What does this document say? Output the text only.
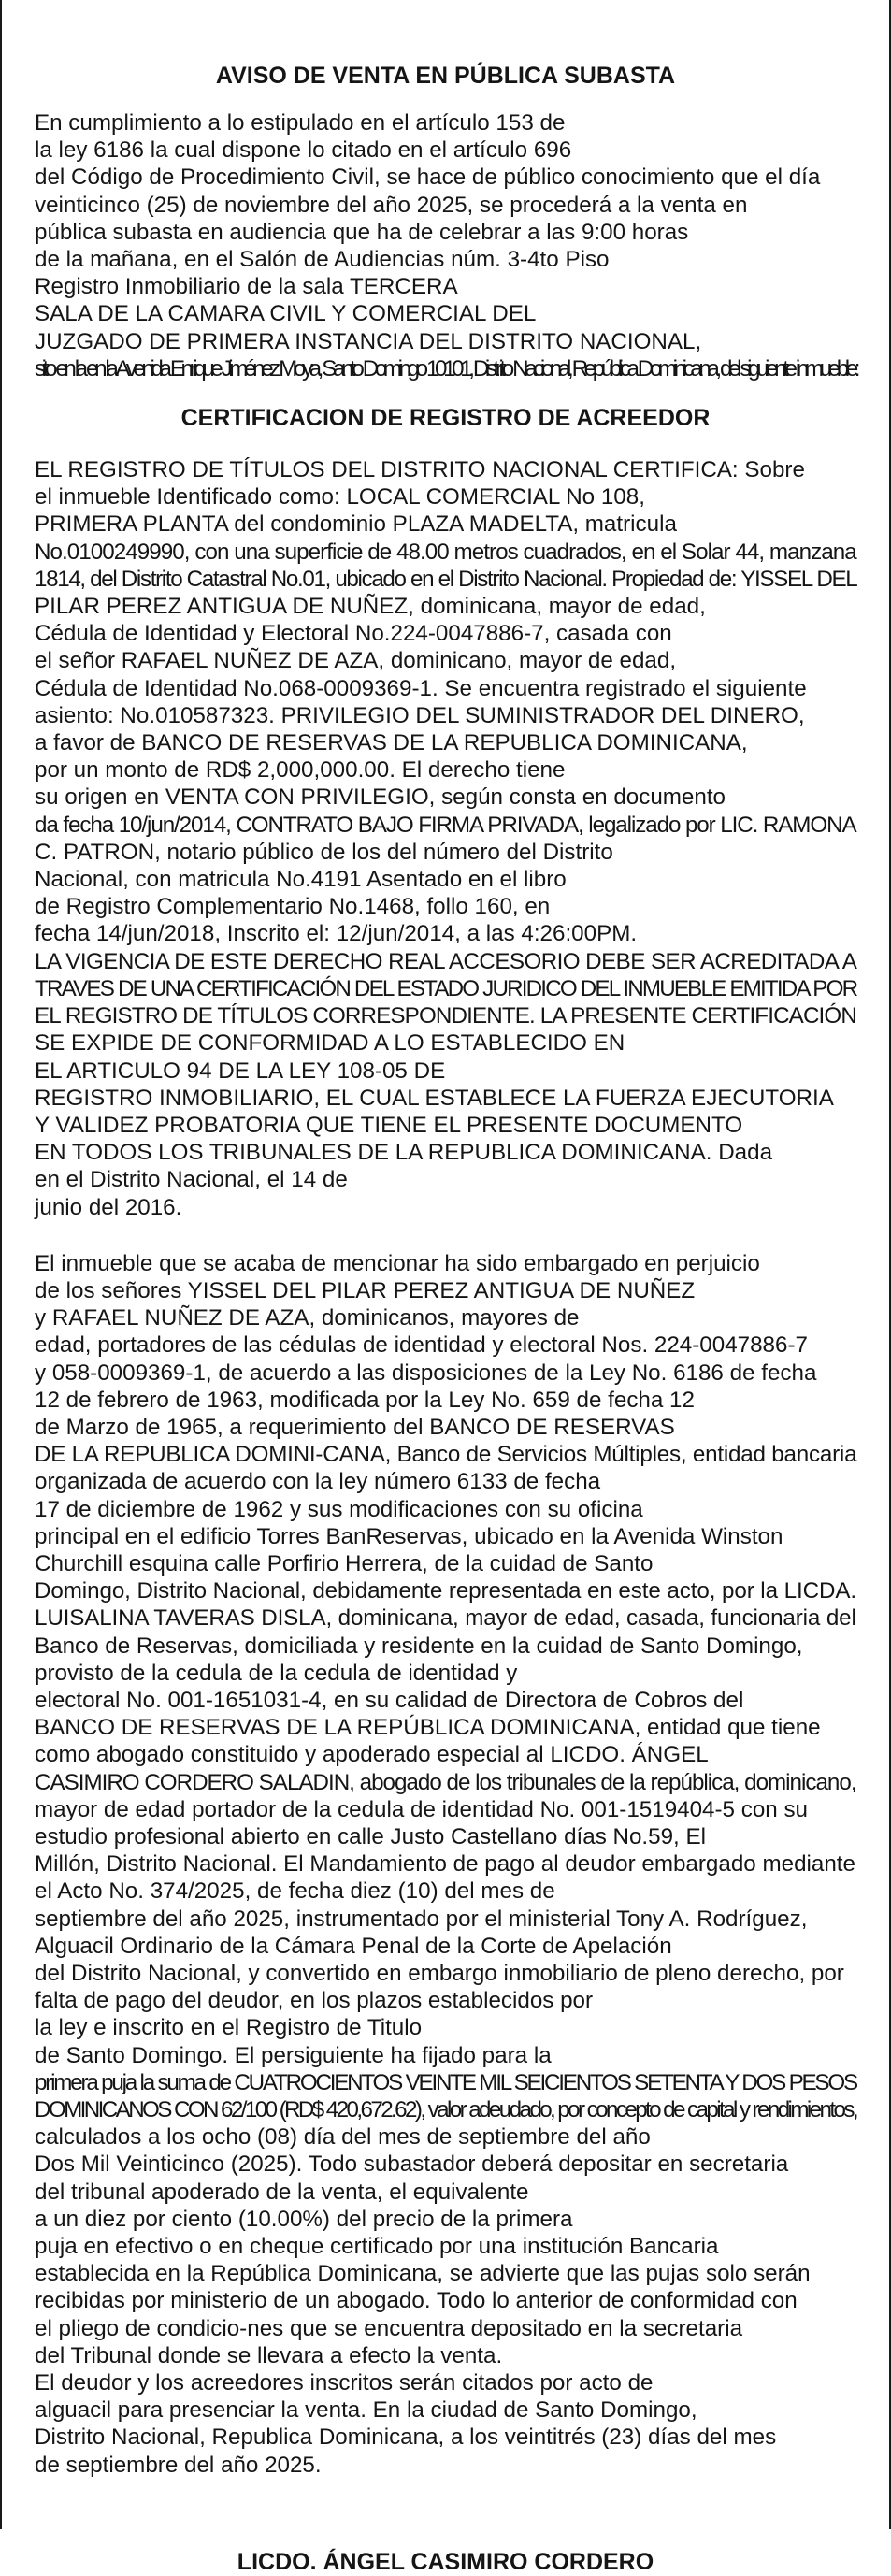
AVISO DE VENTA EN PÚBLICA SUBASTA

En cumplimiento a lo estipulado en el artículo 153 de
la ley 6186 la cual dispone lo citado en el artículo 696
del Código de Procedimiento Civil, se hace de público conocimiento que el día
veinticinco (25) de noviembre del año 2025, se procederá a la venta en
pública subasta en audiencia que ha de celebrar a las 9:00 horas
de la mañana, en el Salón de Audiencias núm. 3-4to Piso
Registro Inmobiliario de la sala TERCERA
SALA DE LA CAMARA CIVIL Y COMERCIAL DEL
JUZGADO DE PRIMERA INSTANCIA DEL DISTRITO NACIONAL,
sito en la en la Avenida Enrique Jiménez Moya, Santo Domingo 10101, Distrito Nacional, República Dominicana, del siguiente inmueble:

CERTIFICACION DE REGISTRO DE ACREEDOR

EL REGISTRO DE TÍTULOS DEL DISTRITO NACIONAL CERTIFICA: Sobre
el inmueble Identificado como: LOCAL COMERCIAL No 108,
PRIMERA PLANTA del condominio PLAZA MADELTA, matricula
No.0100249990, con una superficie de 48.00 metros cuadrados, en el Solar 44, manzana
1814, del Distrito Catastral No.01, ubicado en el Distrito Nacional. Propiedad de: YISSEL DEL
PILAR PEREZ ANTIGUA DE NUÑEZ, dominicana, mayor de edad,
Cédula de Identidad y Electoral No.224-0047886-7, casada con
el señor RAFAEL NUÑEZ DE AZA, dominicano, mayor de edad,
Cédula de Identidad No.068-0009369-1. Se encuentra registrado el siguiente
asiento: No.010587323. PRIVILEGIO DEL SUMINISTRADOR DEL DINERO,
a favor de BANCO DE RESERVAS DE LA REPUBLICA DOMINICANA,
por un monto de RD$ 2,000,000.00. El derecho tiene
su origen en VENTA CON PRIVILEGIO, según consta en documento
da fecha 10/jun/2014, CONTRATO BAJO FIRMA PRIVADA, legalizado por LIC. RAMONA
C. PATRON, notario público de los del número del Distrito
Nacional, con matricula No.4191 Asentado en el libro
de Registro Complementario No.1468, follo 160, en
fecha 14/jun/2018, Inscrito el: 12/jun/2014, a las 4:26:00PM.
LA VIGENCIA DE ESTE DERECHO REAL ACCESORIO DEBE SER ACREDITADA A
TRAVES DE UNA CERTIFICACIÓN DEL ESTADO JURIDICO DEL INMUEBLE EMITIDA POR
EL REGISTRO DE TÍTULOS CORRESPONDIENTE. LA PRESENTE CERTIFICACIÓN
SE EXPIDE DE CONFORMIDAD A LO ESTABLECIDO EN
EL ARTICULO 94 DE LA LEY 108-05 DE
REGISTRO INMOBILIARIO, EL CUAL ESTABLECE LA FUERZA EJECUTORIA
Y VALIDEZ PROBATORIA QUE TIENE EL PRESENTE DOCUMENTO
EN TODOS LOS TRIBUNALES DE LA REPUBLICA DOMINICANA. Dada
en el Distrito Nacional, el 14 de
junio del 2016.

El inmueble que se acaba de mencionar ha sido embargado en perjuicio
de los señores YISSEL DEL PILAR PEREZ ANTIGUA DE NUÑEZ
y RAFAEL NUÑEZ DE AZA, dominicanos, mayores de
edad, portadores de las cédulas de identidad y electoral Nos. 224-0047886-7
y 058-0009369-1, de acuerdo a las disposiciones de la Ley No. 6186 de fecha
12 de febrero de 1963, modificada por la Ley No. 659 de fecha 12
de Marzo de 1965, a requerimiento del BANCO DE RESERVAS
DE LA REPUBLICA DOMINI-CANA, Banco de Servicios Múltiples, entidad bancaria
organizada de acuerdo con la ley número 6133 de fecha
17 de diciembre de 1962 y sus modificaciones con su oficina
principal en el edificio Torres BanReservas, ubicado en la Avenida Winston
Churchill esquina calle Porfirio Herrera, de la cuidad de Santo
Domingo, Distrito Nacional, debidamente representada en este acto, por la LICDA.
LUISALINA TAVERAS DISLA, dominicana, mayor de edad, casada, funcionaria del
Banco de Reservas, domiciliada y residente en la cuidad de Santo Domingo,
provisto de la cedula de la cedula de identidad y
electoral No. 001-1651031-4, en su calidad de Directora de Cobros del
BANCO DE RESERVAS DE LA REPÚBLICA DOMINICANA, entidad que tiene
como abogado constituido y apoderado especial al LICDO. ÁNGEL
CASIMIRO CORDERO SALADIN, abogado de los tribunales de la república, dominicano,
mayor de edad portador de la cedula de identidad No. 001-1519404-5 con su
estudio profesional abierto en calle Justo Castellano días No.59, El
Millón, Distrito Nacional. El Mandamiento de pago al deudor embargado mediante
el Acto No. 374/2025, de fecha diez (10) del mes de
septiembre del año 2025, instrumentado por el ministerial Tony A. Rodríguez,
Alguacil Ordinario de la Cámara Penal de la Corte de Apelación
del Distrito Nacional, y convertido en embargo inmobiliario de pleno derecho, por
falta de pago del deudor, en los plazos establecidos por
la ley e inscrito en el Registro de Titulo
de Santo Domingo. El persiguiente ha fijado para la
primera puja la suma de CUATROCIENTOS VEINTE MIL SEICIENTOS SETENTA Y DOS PESOS
DOMINICANOS CON 62/100 (RD$ 420,672.62), valor adeudado, por concepto de capital y rendimientos,
calculados a los ocho (08) día del mes de septiembre del año
Dos Mil Veinticinco (2025). Todo subastador deberá depositar en secretaria
del tribunal apoderado de la venta, el equivalente
a un diez por ciento (10.00%) del precio de la primera
puja en efectivo o en cheque certificado por una institución Bancaria
establecida en la República Dominicana, se advierte que las pujas solo serán
recibidas por ministerio de un abogado. Todo lo anterior de conformidad con
el pliego de condicio-nes que se encuentra depositado en la secretaria
del Tribunal donde se llevara a efecto la venta.
El deudor y los acreedores inscritos serán citados por acto de
alguacil para presenciar la venta. En la ciudad de Santo Domingo,
Distrito Nacional, Republica Dominicana, a los veintitrés (23) días del mes
de septiembre del año 2025.

LICDO. ÁNGEL CASIMIRO CORDERO
